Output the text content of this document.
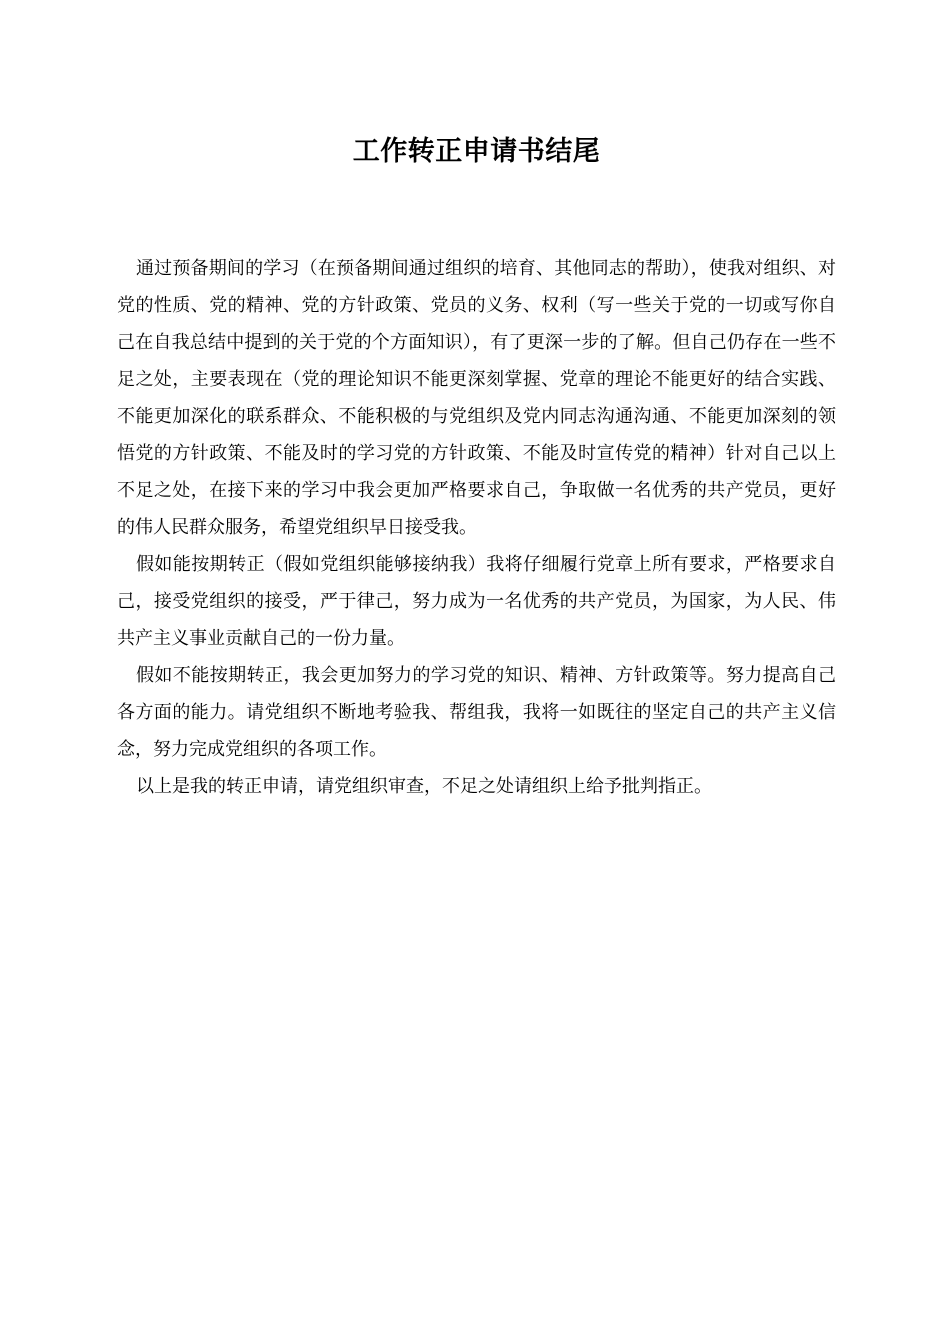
工作转正申请书结尾

通过预备期间的学习（在预备期间通过组织的培育、其他同志的帮助），使我对组织、对党的性质、党的精神、党的方针政策、党员的义务、权利（写一些关于党的一切或写你自己在自我总结中提到的关于党的个方面知识），有了更深一步的了解。但自己仍存在一些不足之处，主要表现在（党的理论知识不能更深刻掌握、党章的理论不能更好的结合实践、不能更加深化的联系群众、不能积极的与党组织及党内同志沟通沟通、不能更加深刻的领悟党的方针政策、不能及时的学习党的方针政策、不能及时宣传党的精神）针对自己以上不足之处，在接下来的学习中我会更加严格要求自己，争取做一名优秀的共产党员，更好的伟人民群众服务，希望党组织早日接受我。

假如能按期转正（假如党组织能够接纳我）我将仔细履行党章上所有要求，严格要求自己，接受党组织的接受，严于律己，努力成为一名优秀的共产党员，为国家，为人民、伟共产主义事业贡献自己的一份力量。

假如不能按期转正，我会更加努力的学习党的知识、精神、方针政策等。努力提高自己各方面的能力。请党组织不断地考验我、帮组我，我将一如既往的坚定自己的共产主义信念，努力完成党组织的各项工作。

以上是我的转正申请，请党组织审查，不足之处请组织上给予批判指正。
